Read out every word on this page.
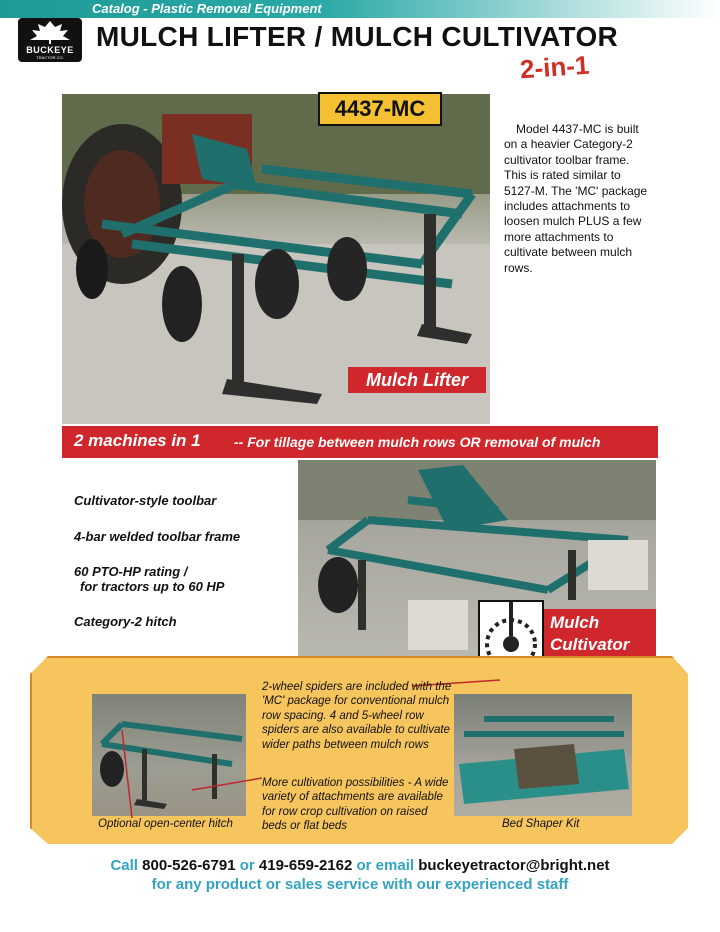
Catalog - Plastic Removal Equipment
BUCKEYE
TRACTOR CO.
MULCH LIFTER / MULCH CULTIVATOR
2-in-1
4437-MC
Mulch Lifter
Model 4437-MC is built on a heavier Category-2 cultivator toolbar frame. This is rated similar to 5127-M. The 'MC' package includes attachments to loosen mulch PLUS a few more attachments to cultivate between mulch rows.
2 machines in 1 -- For tillage between mulch rows OR removal of mulch
Cultivator-style toolbar
4-bar welded toolbar frame
60 PTO-HP rating /
for tractors up to 60 HP
Category-2 hitch	Mulch
Cultivator
2-wheel spiders are included with the 'MC' package for conventional mulch row spacing. 4 and 5-wheel row spiders are also available to cultivate wider paths between mulch rows
More cultivation possibilities - A wide variety of attachments are available for row crop cultivation on raised beds or flat beds
Optional open-center hitch	Bed Shaper Kit
Call 800-526-6791 or 419-659-2162 or email buckeyetractor@bright.net
for any product or sales service with our experienced staff
